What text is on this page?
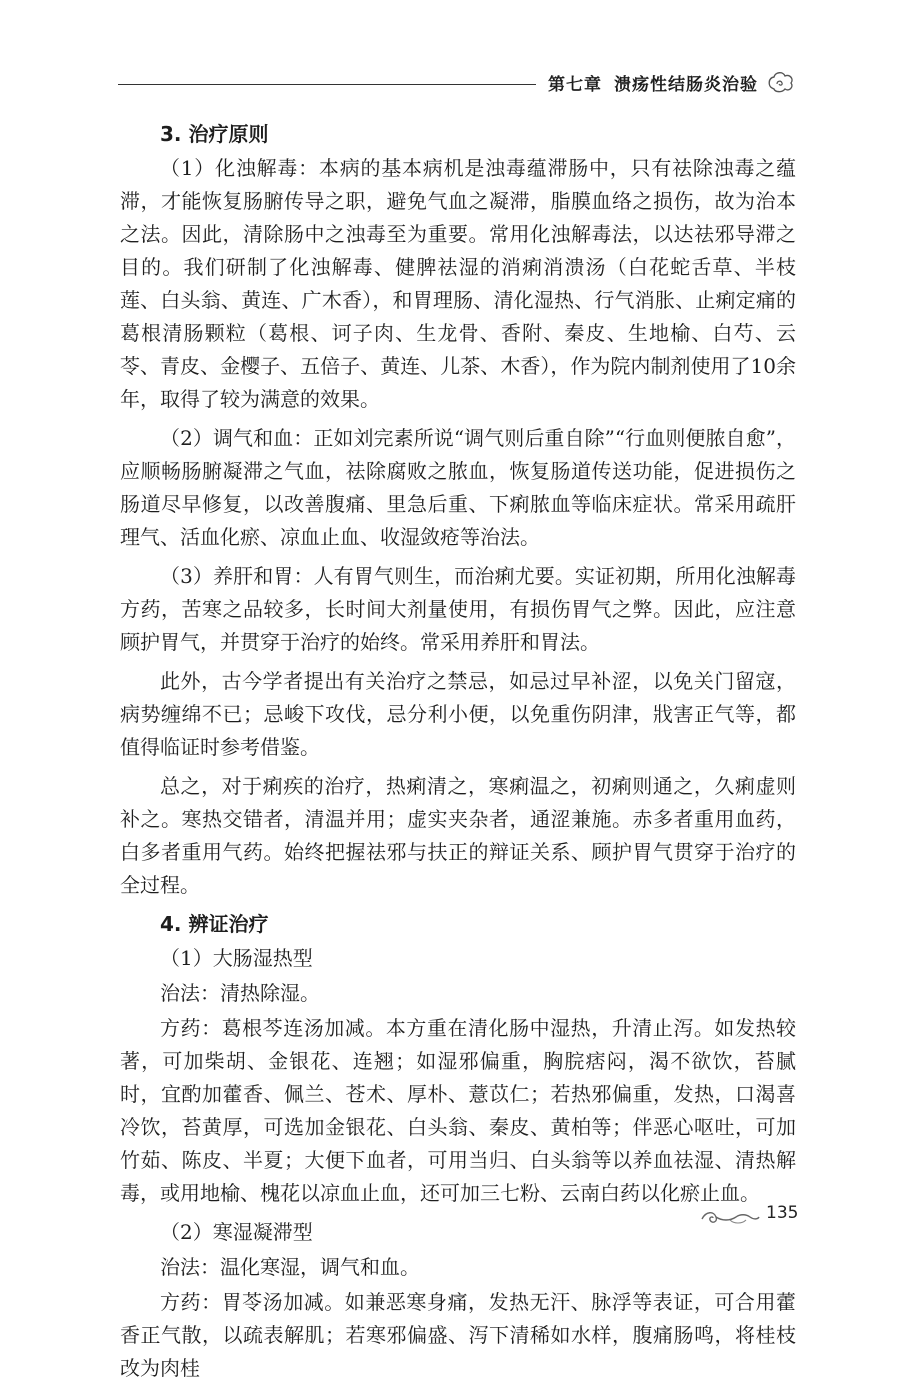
第七章 溃疡性结肠炎治验
3. 治疗原则

（1）化浊解毒：本病的基本病机是浊毒蕴滞肠中，只有祛除浊毒之蕴滞，才能恢复肠腑传导之职，避免气血之凝滞，脂膜血络之损伤，故为治本之法。因此，清除肠中之浊毒至为重要。常用化浊解毒法，以达祛邪导滞之目的。我们研制了化浊解毒、健脾祛湿的消痢消溃汤（白花蛇舌草、半枝莲、白头翁、黄连、广木香），和胃理肠、清化湿热、行气消胀、止痢定痛的葛根清肠颗粒（葛根、诃子肉、生龙骨、香附、秦皮、生地榆、白芍、云苓、青皮、金樱子、五倍子、黄连、儿茶、木香），作为院内制剂使用了10余年，取得了较为满意的效果。

（2）调气和血：正如刘完素所说“调气则后重自除”“行血则便脓自愈”，应顺畅肠腑凝滞之气血，祛除腐败之脓血，恢复肠道传送功能，促进损伤之肠道尽早修复，以改善腹痛、里急后重、下痢脓血等临床症状。常采用疏肝理气、活血化瘀、凉血止血、收湿敛疮等治法。

（3）养肝和胃：人有胃气则生，而治痢尤要。实证初期，所用化浊解毒方药，苦寒之品较多，长时间大剂量使用，有损伤胃气之弊。因此，应注意顾护胃气，并贯穿于治疗的始终。常采用养肝和胃法。

此外，古今学者提出有关治疗之禁忌，如忌过早补涩，以免关门留寇，病势缠绵不已；忌峻下攻伐，忌分利小便，以免重伤阴津，戕害正气等，都值得临证时参考借鉴。

总之，对于痢疾的治疗，热痢清之，寒痢温之，初痢则通之，久痢虚则补之。寒热交错者，清温并用；虚实夹杂者，通涩兼施。赤多者重用血药，白多者重用气药。始终把握祛邪与扶正的辩证关系、顾护胃气贯穿于治疗的全过程。

4. 辨证治疗

（1）大肠湿热型

治法：清热除湿。

方药：葛根芩连汤加减。本方重在清化肠中湿热，升清止泻。如发热较著，可加柴胡、金银花、连翘；如湿邪偏重，胸脘痞闷，渴不欲饮，苔腻时，宜酌加藿香、佩兰、苍术、厚朴、薏苡仁；若热邪偏重，发热，口渴喜冷饮，苔黄厚，可选加金银花、白头翁、秦皮、黄柏等；伴恶心呕吐，可加竹茹、陈皮、半夏；大便下血者，可用当归、白头翁等以养血祛湿、清热解毒，或用地榆、槐花以凉血止血，还可加三七粉、云南白药以化瘀止血。

（2）寒湿凝滞型

治法：温化寒湿，调气和血。

方药：胃苓汤加减。如兼恶寒身痛，发热无汗、脉浮等表证，可合用藿香正气散，以疏表解肌；若寒邪偏盛、泻下清稀如水样，腹痛肠鸣，将桂枝改为肉桂

135
